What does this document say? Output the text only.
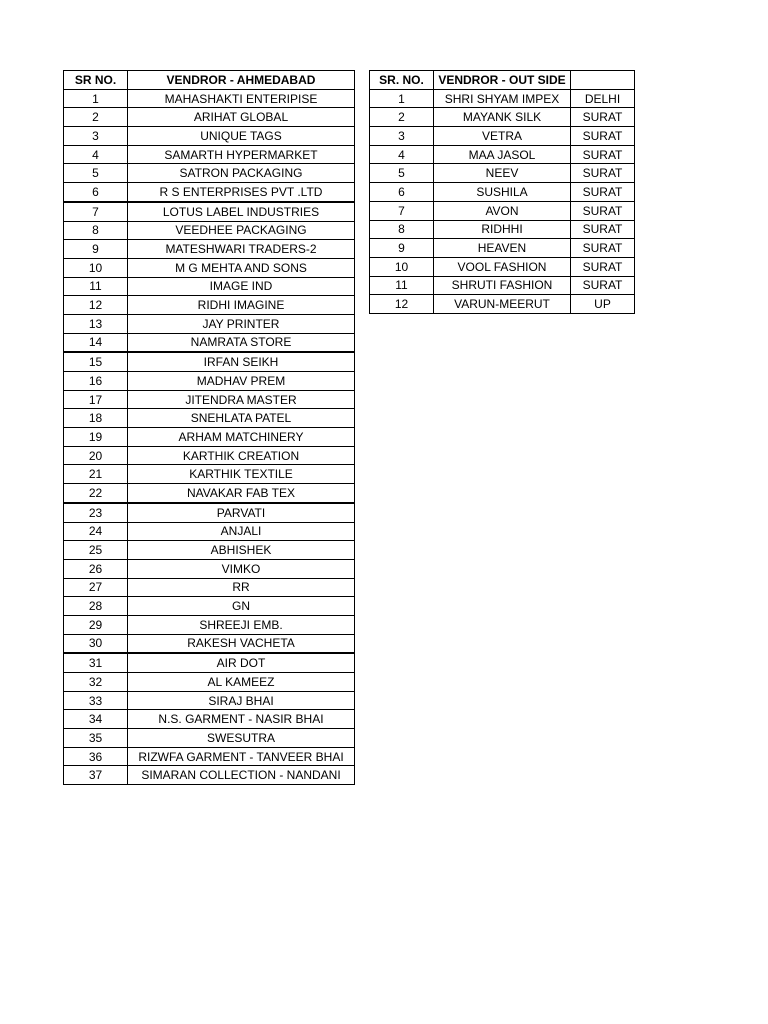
SR NO.	VENDROR - AHMEDABAD
1	MAHASHAKTI ENTERIPISE
2	ARIHAT GLOBAL
3	UNIQUE TAGS
4	SAMARTH HYPERMARKET
5	SATRON PACKAGING
6	R S ENTERPRISES PVT .LTD
7	LOTUS LABEL INDUSTRIES
8	VEEDHEE PACKAGING
9	MATESHWARI TRADERS-2
10	M G MEHTA AND SONS
11	IMAGE IND
12	RIDHI IMAGINE
13	JAY PRINTER
14	NAMRATA STORE
15	IRFAN SEIKH
16	MADHAV PREM
17	JITENDRA MASTER
18	SNEHLATA PATEL
19	ARHAM MATCHINERY
20	KARTHIK CREATION
21	KARTHIK TEXTILE
22	NAVAKAR FAB TEX
23	PARVATI
24	ANJALI
25	ABHISHEK
26	VIMKO
27	RR
28	GN
29	SHREEJI EMB.
30	RAKESH VACHETA
31	AIR DOT
32	AL KAMEEZ
33	SIRAJ BHAI
34	N.S. GARMENT - NASIR BHAI
35	SWESUTRA
36	RIZWFA GARMENT - TANVEER BHAI
37	SIMARAN COLLECTION - NANDANI
SR. NO.	VENDROR - OUT SIDE	
1	SHRI SHYAM IMPEX	DELHI
2	MAYANK SILK	SURAT
3	VETRA	SURAT
4	MAA JASOL	SURAT
5	NEEV	SURAT
6	SUSHILA	SURAT
7	AVON	SURAT
8	RIDHHI	SURAT
9	HEAVEN	SURAT
10	VOOL FASHION	SURAT
11	SHRUTI FASHION	SURAT
12	VARUN-MEERUT	UP
